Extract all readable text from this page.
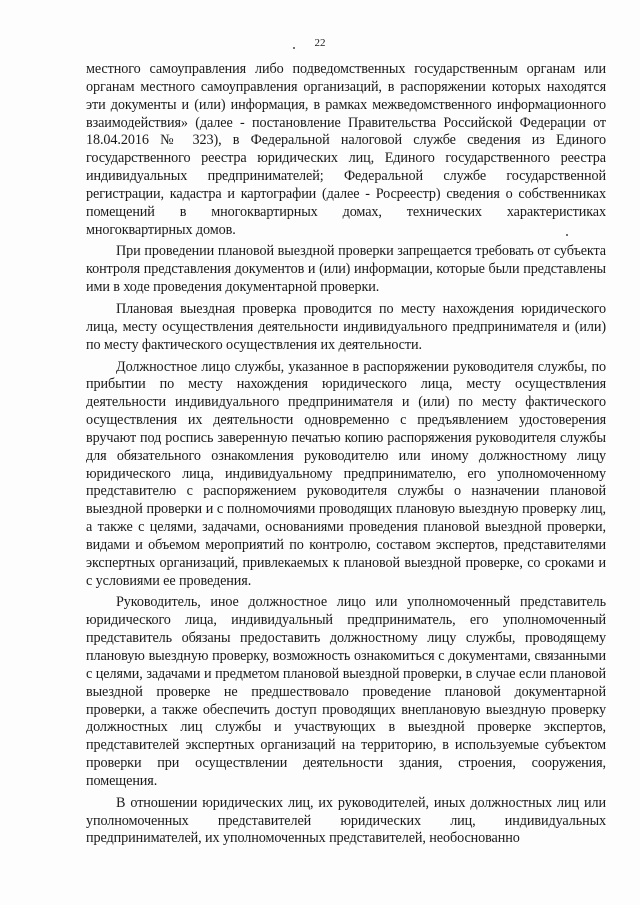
22

местного самоуправления либо подведомственных государственным органам или органам местного самоуправления организаций, в распоряжении которых находятся эти документы и (или) информация, в рамках межведомственного информационного взаимодействия» (далее - постановление Правительства Российской Федерации от 18.04.2016 № 323), в Федеральной налоговой службе сведения из Единого государственного реестра юридических лиц, Единого государственного реестра индивидуальных предпринимателей; Федеральной службе государственной регистрации, кадастра и картографии (далее - Росреестр) сведения о собственниках помещений в многоквартирных домах, технических характеристиках многоквартирных домов.

При проведении плановой выездной проверки запрещается требовать от субъекта контроля представления документов и (или) информации, которые были представлены ими в ходе проведения документарной проверки.

Плановая выездная проверка проводится по месту нахождения юридического лица, месту осуществления деятельности индивидуального предпринимателя и (или) по месту фактического осуществления их деятельности.

Должностное лицо службы, указанное в распоряжении руководителя службы, по прибытии по месту нахождения юридического лица, месту осуществления деятельности индивидуального предпринимателя и (или) по месту фактического осуществления их деятельности одновременно с предъявлением удостоверения вручают под роспись заверенную печатью копию распоряжения руководителя службы для обязательного ознакомления руководителю или иному должностному лицу юридического лица, индивидуальному предпринимателю, его уполномоченному представителю с распоряжением руководителя службы о назначении плановой выездной проверки и с полномочиями проводящих плановую выездную проверку лиц, а также с целями, задачами, основаниями проведения плановой выездной проверки, видами и объемом мероприятий по контролю, составом экспертов, представителями экспертных организаций, привлекаемых к плановой выездной проверке, со сроками и с условиями ее проведения.

Руководитель, иное должностное лицо или уполномоченный представитель юридического лица, индивидуальный предприниматель, его уполномоченный представитель обязаны предоставить должностному лицу службы, проводящему плановую выездную проверку, возможность ознакомиться с документами, связанными с целями, задачами и предметом плановой выездной проверки, в случае если плановой выездной проверке не предшествовало проведение плановой документарной проверки, а также обеспечить доступ проводящих внеплановую выездную проверку должностных лиц службы и участвующих в выездной проверке экспертов, представителей экспертных организаций на территорию, в используемые субъектом проверки при осуществлении деятельности здания, строения, сооружения, помещения.

В отношении юридических лиц, их руководителей, иных должностных лиц или уполномоченных представителей юридических лиц, индивидуальных предпринимателей, их уполномоченных представителей, необоснованно
